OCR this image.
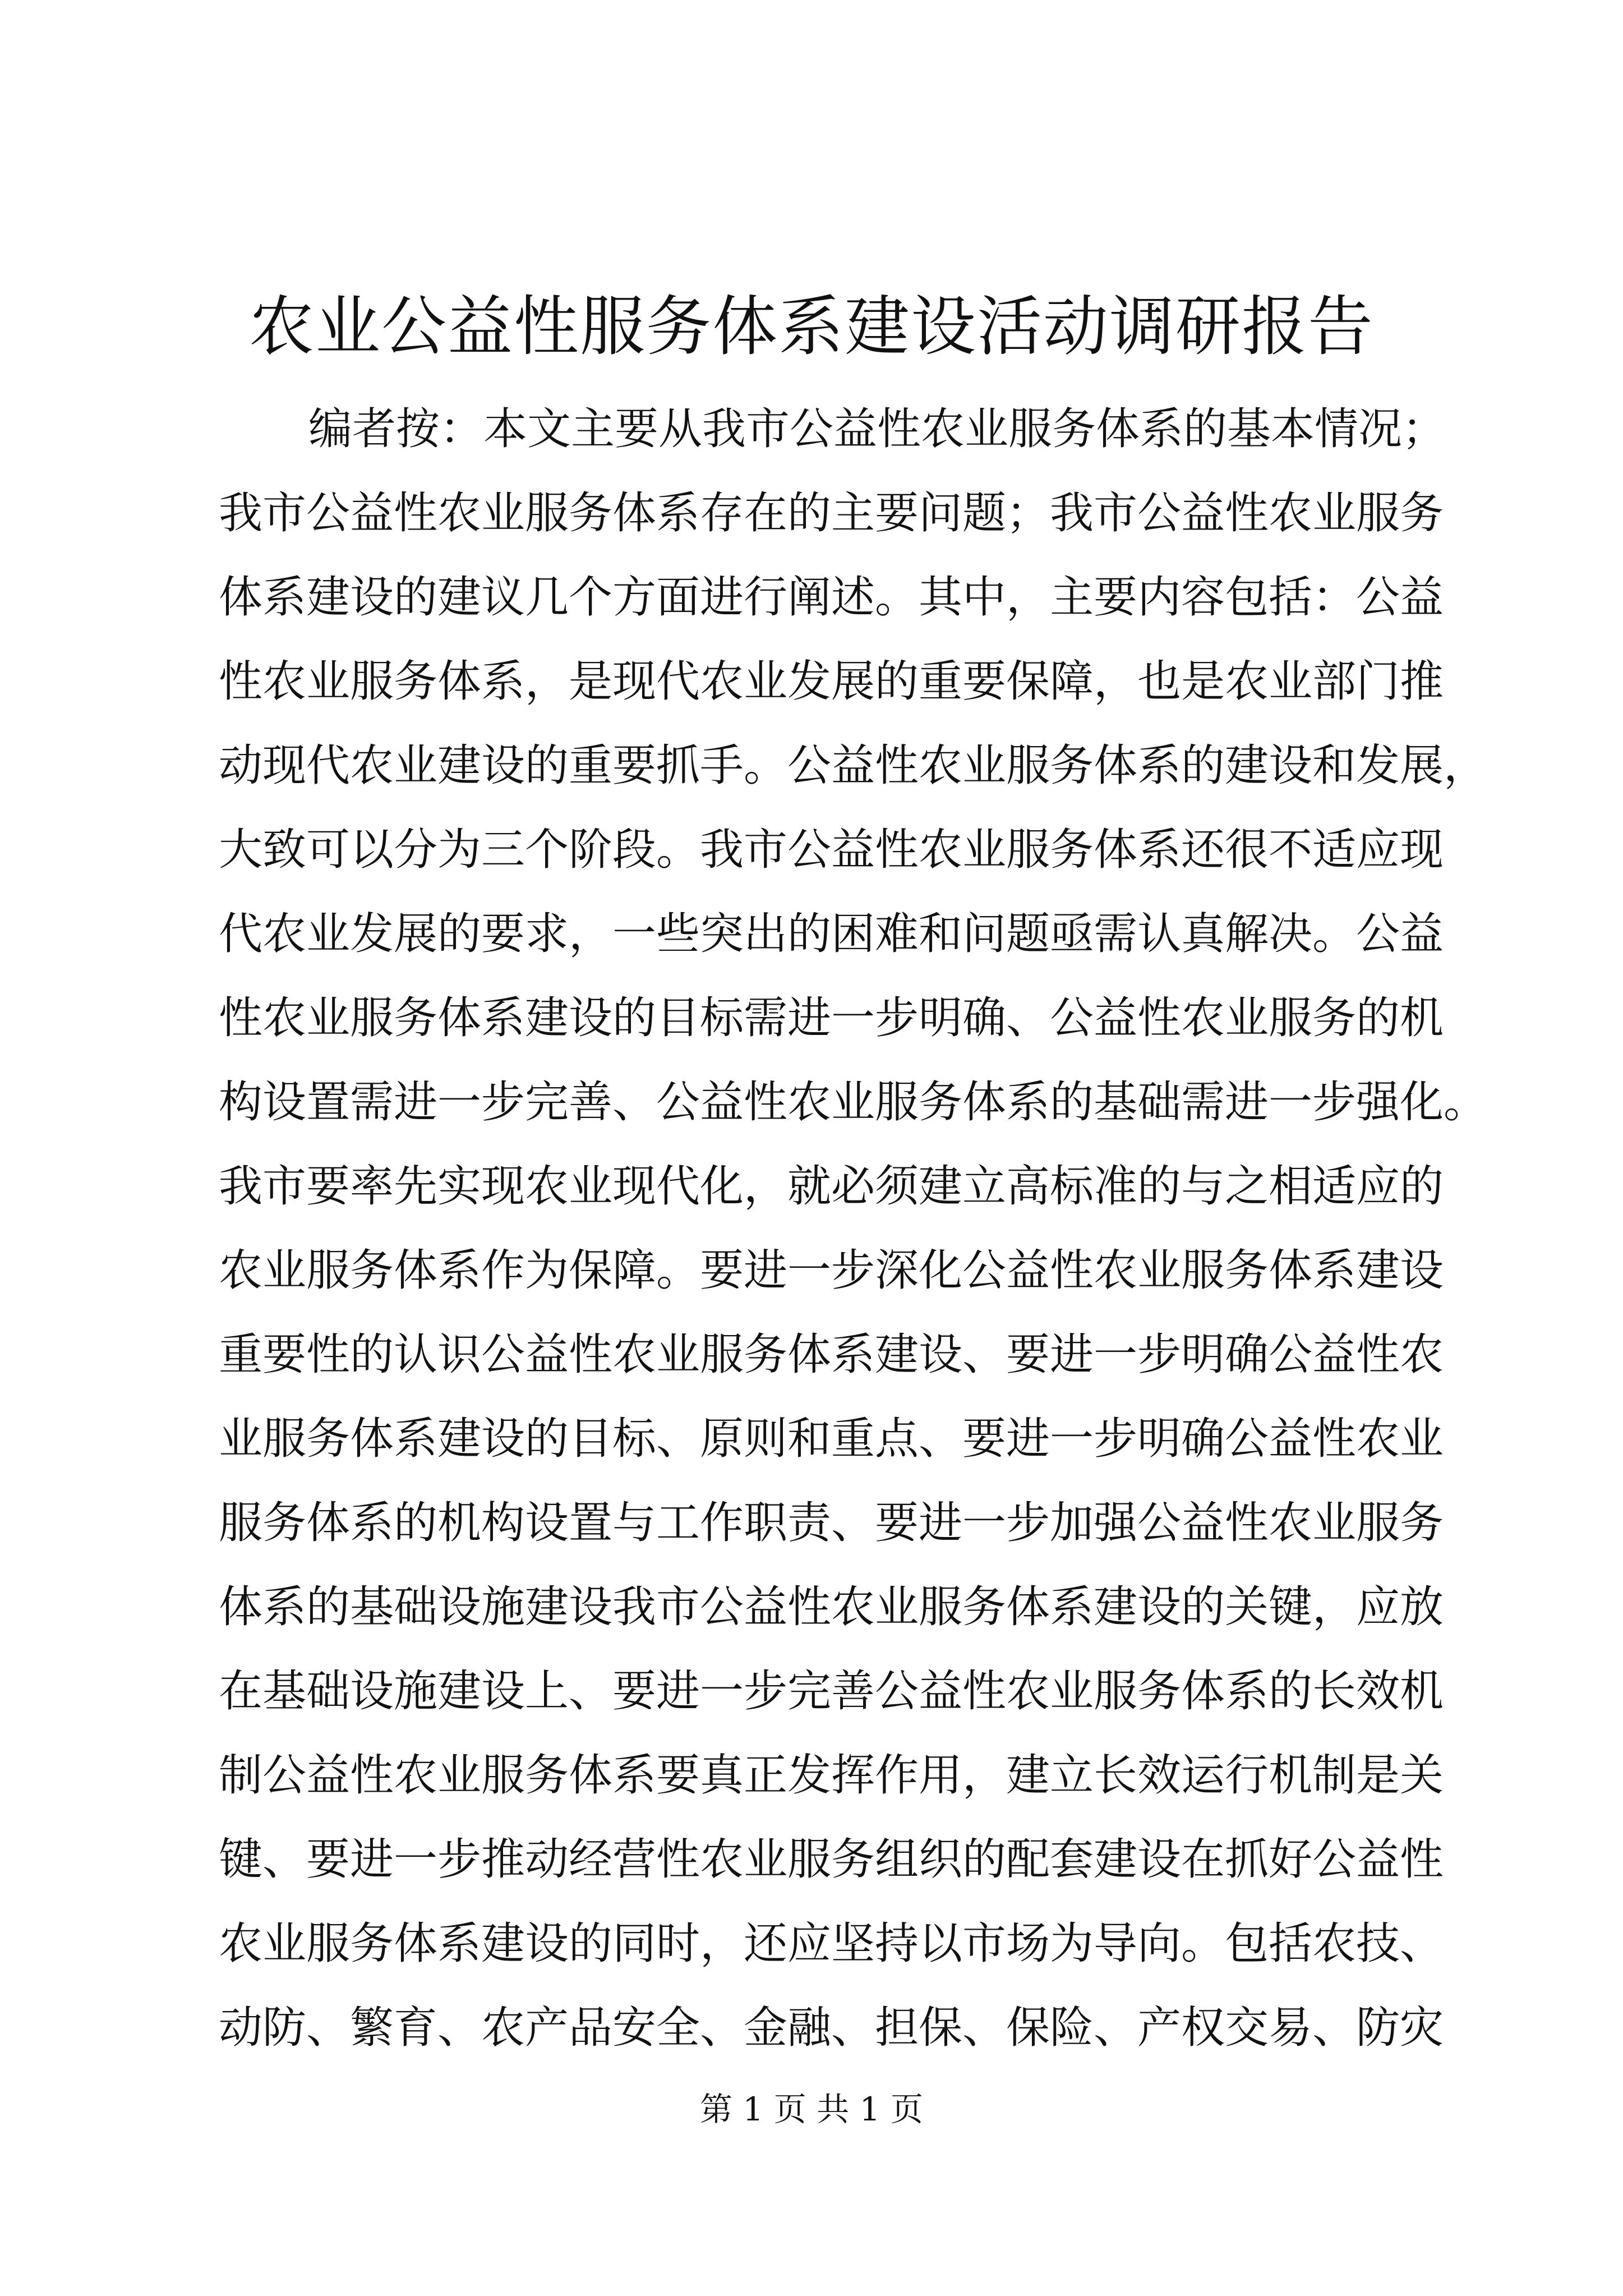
农业公益性服务体系建设活动调研报告
编者按：本文主要从我市公益性农业服务体系的基本情况；
我市公益性农业服务体系存在的主要问题；我市公益性农业服务
体系建设的建议几个方面进行阐述。其中，主要内容包括：公益
性农业服务体系，是现代农业发展的重要保障，也是农业部门推
动现代农业建设的重要抓手。公益性农业服务体系的建设和发展，
大致可以分为三个阶段。我市公益性农业服务体系还很不适应现
代农业发展的要求，一些突出的困难和问题亟需认真解决。公益
性农业服务体系建设的目标需进一步明确、公益性农业服务的机
构设置需进一步完善、公益性农业服务体系的基础需进一步强化。
我市要率先实现农业现代化，就必须建立高标准的与之相适应的
农业服务体系作为保障。要进一步深化公益性农业服务体系建设
重要性的认识公益性农业服务体系建设、要进一步明确公益性农
业服务体系建设的目标、原则和重点、要进一步明确公益性农业
服务体系的机构设置与工作职责、要进一步加强公益性农业服务
体系的基础设施建设我市公益性农业服务体系建设的关键，应放
在基础设施建设上、要进一步完善公益性农业服务体系的长效机
制公益性农业服务体系要真正发挥作用，建立长效运行机制是关
键、要进一步推动经营性农业服务组织的配套建设在抓好公益性
农业服务体系建设的同时，还应坚持以市场为导向。包括农技、
动防、繁育、农产品安全、金融、担保、保险、产权交易、防灾
第 1 页 共 1 页
